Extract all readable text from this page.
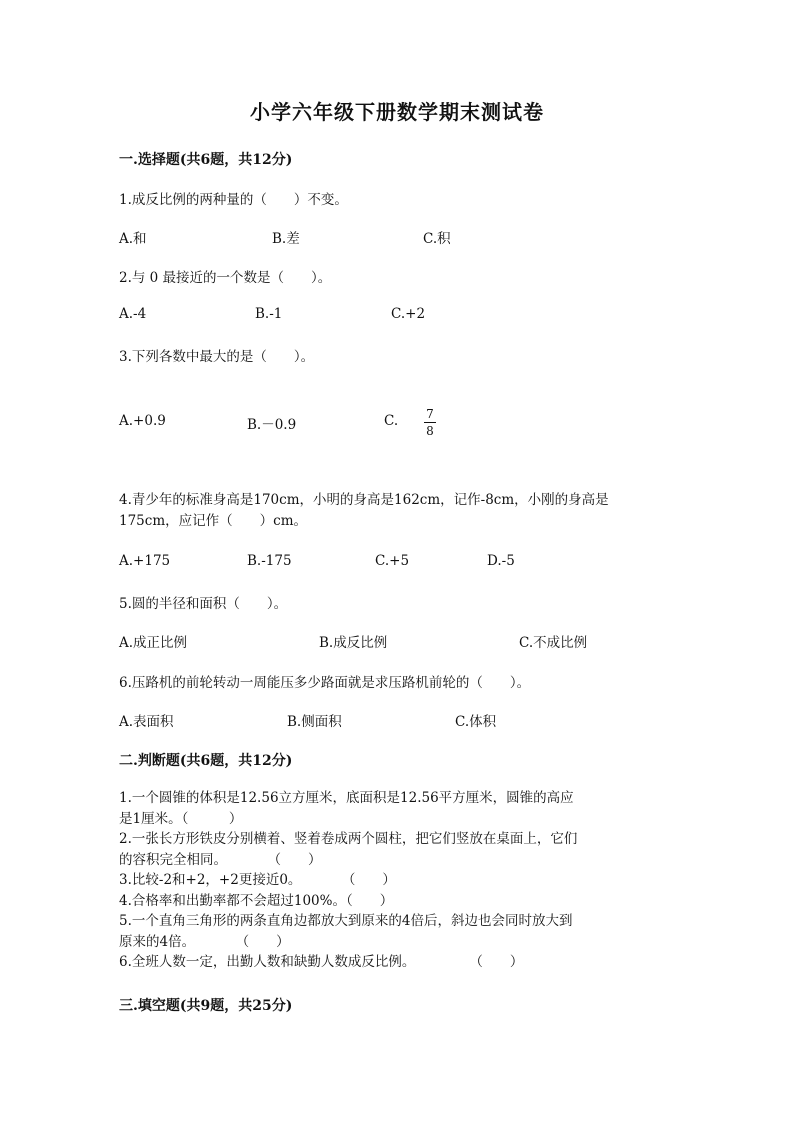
小学六年级下册数学期末测试卷
一.选择题(共6题，共12分)
1.成反比例的两种量的（　　）不变。
A.和	B.差	C.积
2.与 0 最接近的一个数是（　　）。
A.-4	B.-1	C.+2
3.下列各数中最大的是（　　）。
A.+0.9	B.－0.9	C. 7
8
4.青少年的标准身高是170cm，小明的身高是162cm，记作-8cm，小刚的身高是
175cm，应记作（　　）cm。
A.+175	B.-175	C.+5	D.-5
5.圆的半径和面积（　　）。
A.成正比例	B.成反比例	C.不成比例
6.压路机的前轮转动一周能压多少路面就是求压路机前轮的（　　）。
A.表面积	B.侧面积	C.体积
二.判断题(共6题，共12分)
1.一个圆锥的体积是12.56立方厘米，底面积是12.56平方厘米，圆锥的高应
是1厘米。（　　　）
2.一张长方形铁皮分别横着、竖着卷成两个圆柱，把它们竖放在桌面上，它们
的容积完全相同。　　　　（　　）
3.比较-2和+2，+2更接近0。　　　　（　　）
4.合格率和出勤率都不会超过100%。（　　）
5.一个直角三角形的两条直角边都放大到原来的4倍后，斜边也会同时放大到
原来的4倍。　　　　（　　）
6.全班人数一定，出勤人数和缺勤人数成反比例。　　　　　（　　）
三.填空题(共9题，共25分)
